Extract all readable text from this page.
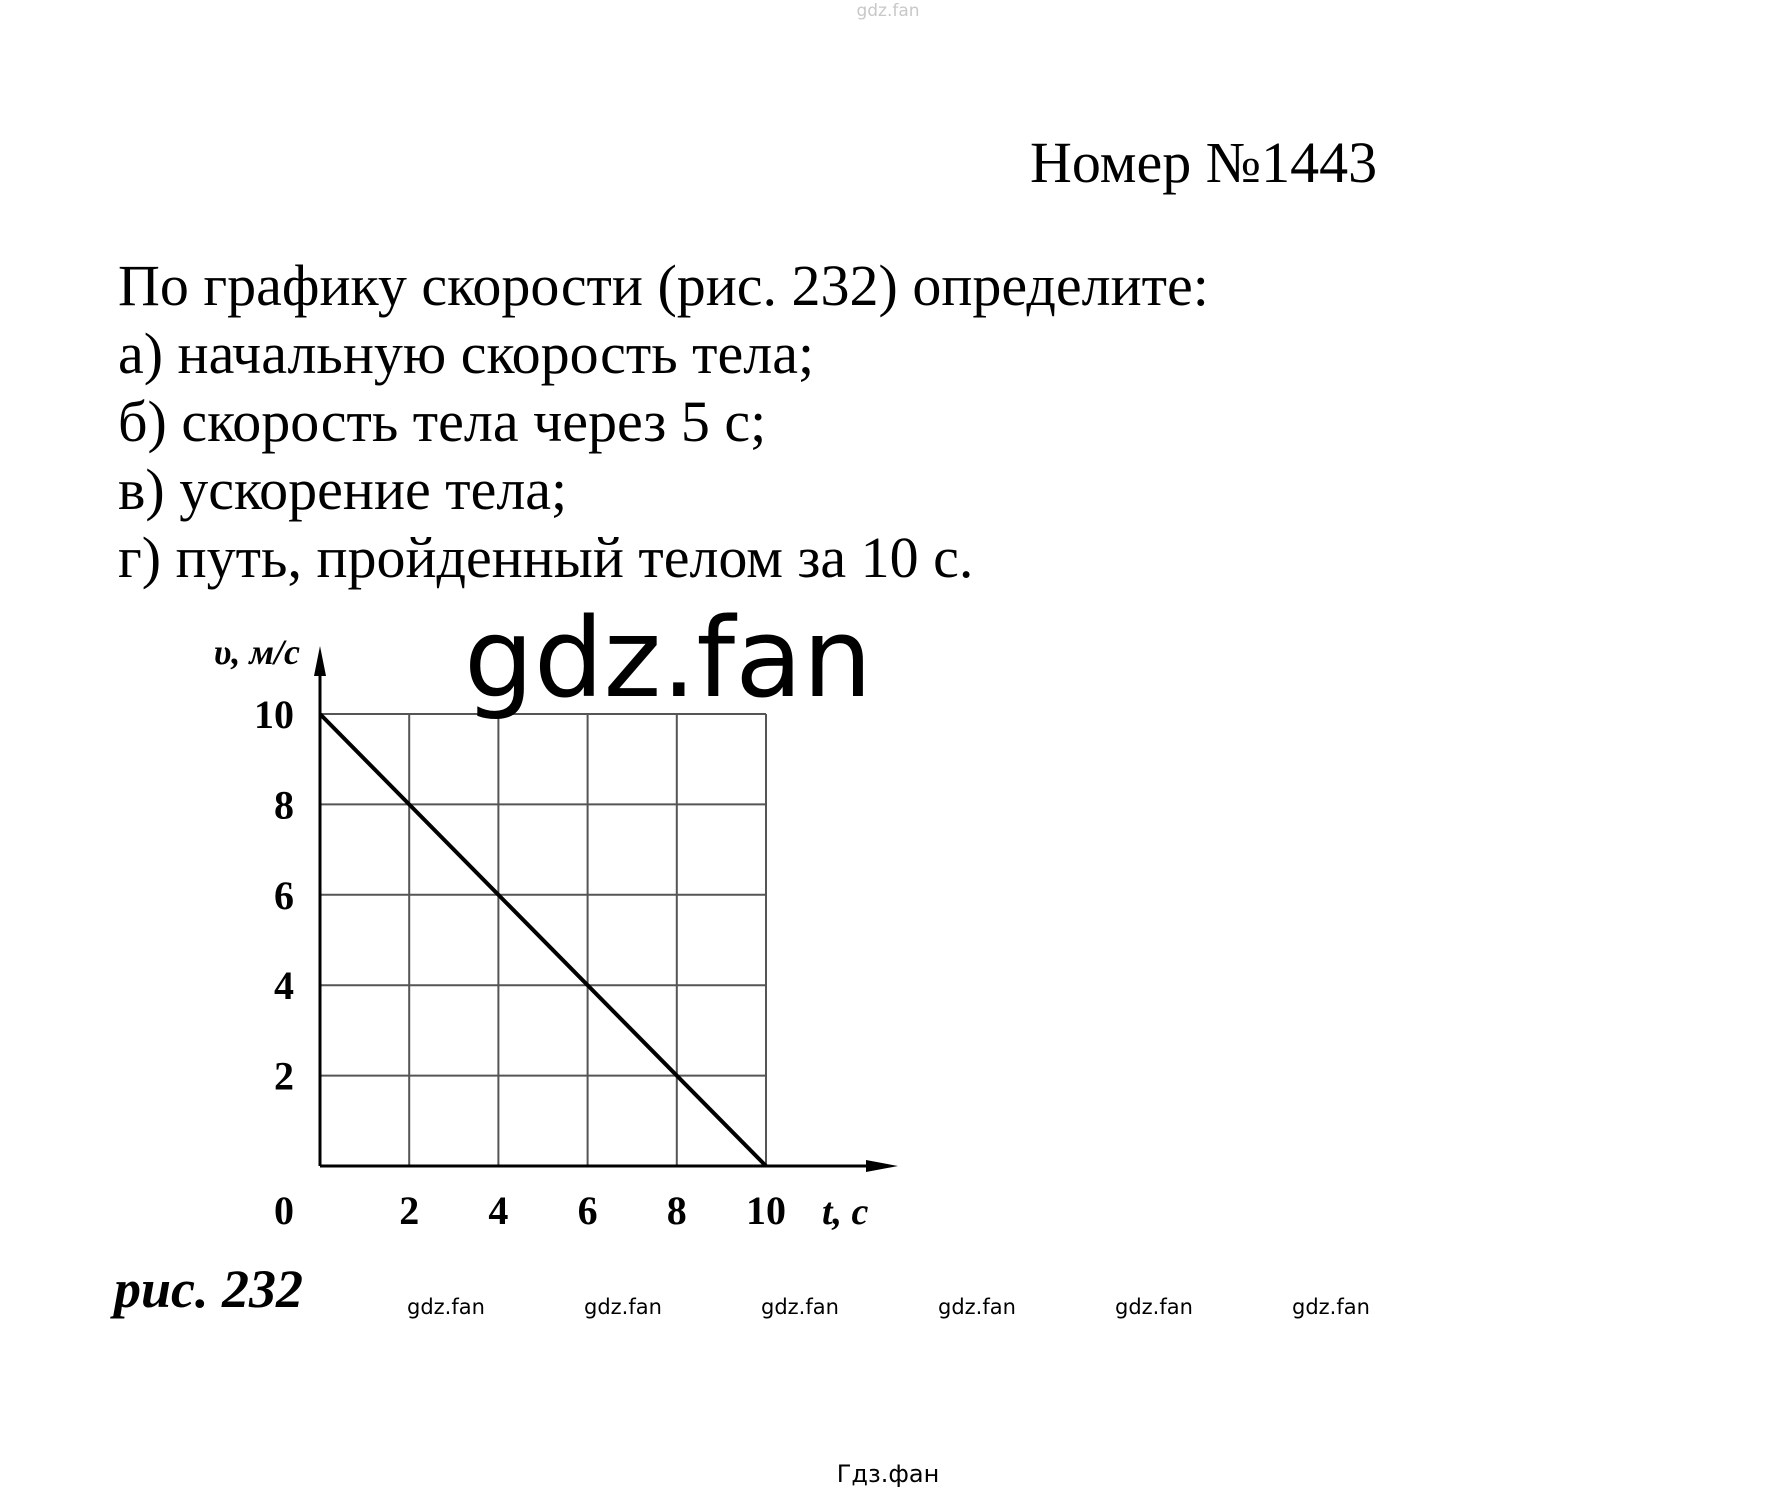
gdz.fan
Номер №1443
По графику скорости (рис. 232) определите:
а) начальную скорость тела;
б) скорость тела через 5 с;
в) ускорение тела;
г) путь, пройденный телом за 10 с.
2
4
6
8
10
2 4 6 8 10
0
υ, м/с
t, с
gdz.fan
рис. 232	gdz.fan	gdz.fan	gdz.fan	gdz.fan	gdz.fan	gdz.fan
Гдз.фан
